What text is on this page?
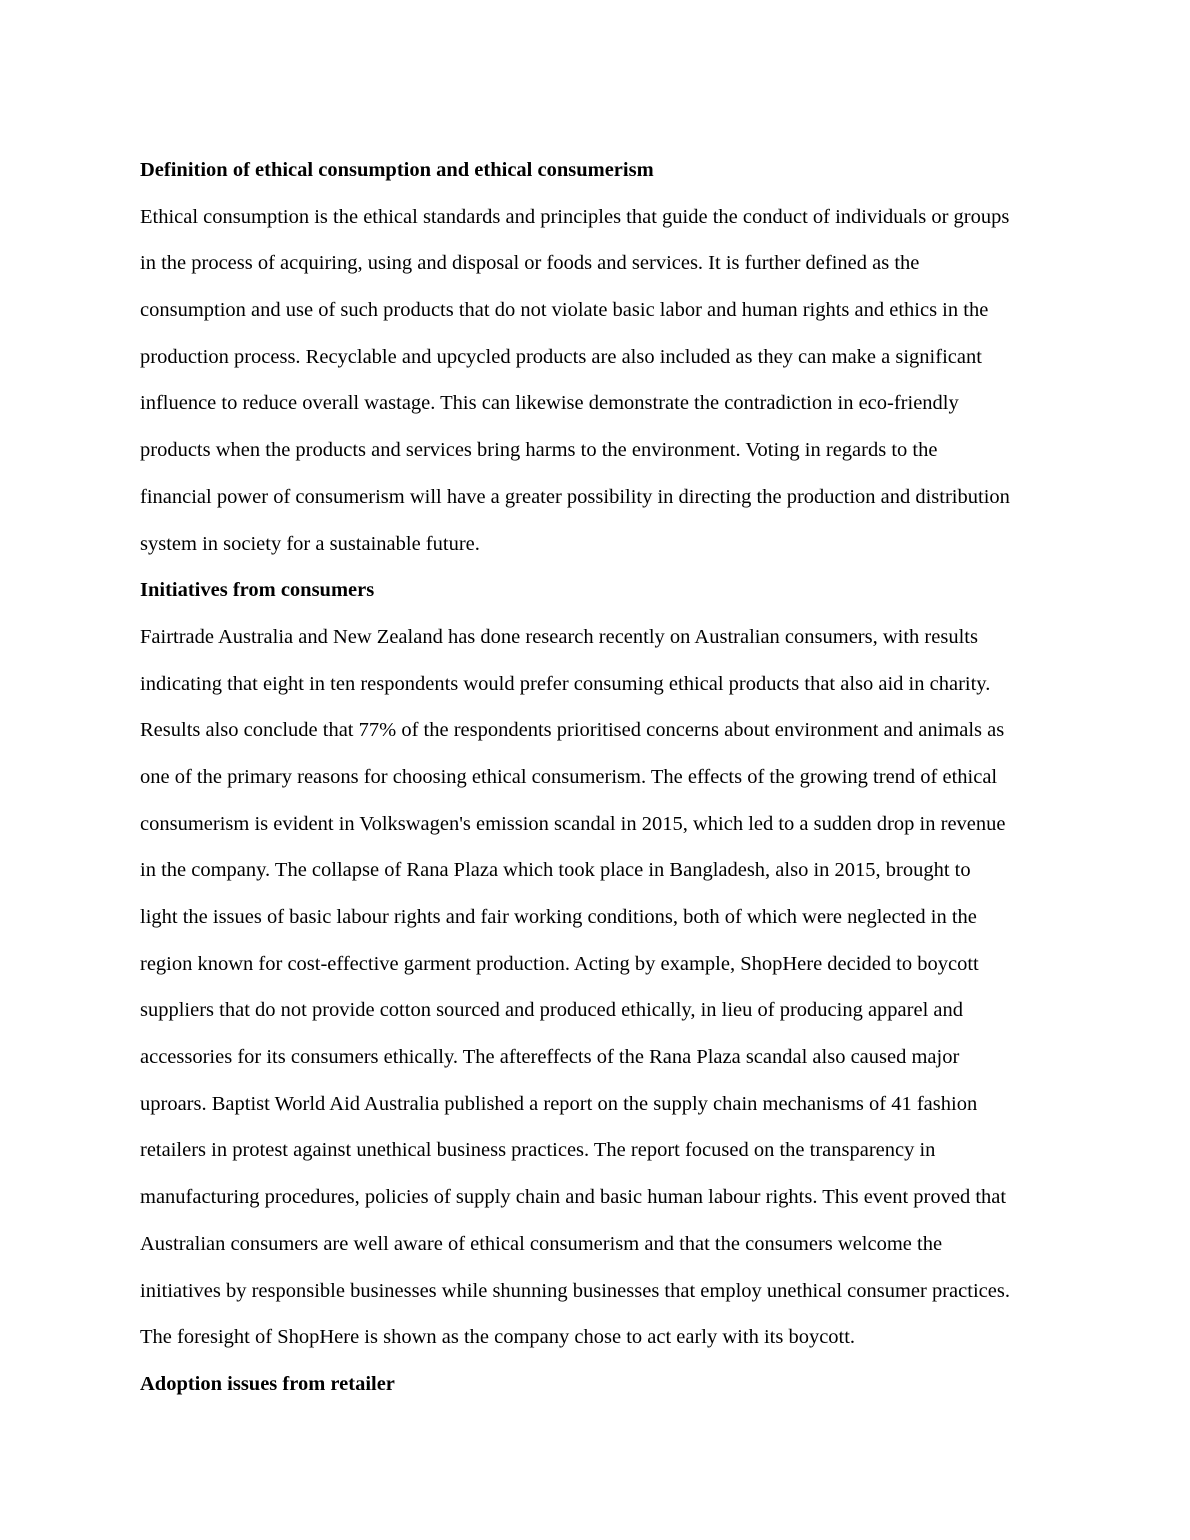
Definition of ethical consumption and ethical consumerism
Ethical consumption is the ethical standards and principles that guide the conduct of individuals or groups
in the process of acquiring, using and disposal or foods and services. It is further defined as the
consumption and use of such products that do not violate basic labor and human rights and ethics in the
production process. Recyclable and upcycled products are also included as they can make a significant
influence to reduce overall wastage. This can likewise demonstrate the contradiction in eco-friendly
products when the products and services bring harms to the environment. Voting in regards to the
financial power of consumerism will have a greater possibility in directing the production and distribution
system in society for a sustainable future.
Initiatives from consumers
Fairtrade Australia and New Zealand has done research recently on Australian consumers, with results
indicating that eight in ten respondents would prefer consuming ethical products that also aid in charity.
Results also conclude that 77% of the respondents prioritised concerns about environment and animals as
one of the primary reasons for choosing ethical consumerism. The effects of the growing trend of ethical
consumerism is evident in Volkswagen's emission scandal in 2015, which led to a sudden drop in revenue
in the company. The collapse of Rana Plaza which took place in Bangladesh, also in 2015, brought to
light the issues of basic labour rights and fair working conditions, both of which were neglected in the
region known for cost-effective garment production. Acting by example, ShopHere decided to boycott
suppliers that do not provide cotton sourced and produced ethically, in lieu of producing apparel and
accessories for its consumers ethically. The aftereffects of the Rana Plaza scandal also caused major
uproars. Baptist World Aid Australia published a report on the supply chain mechanisms of 41 fashion
retailers in protest against unethical business practices. The report focused on the transparency in
manufacturing procedures, policies of supply chain and basic human labour rights. This event proved that
Australian consumers are well aware of ethical consumerism and that the consumers welcome the
initiatives by responsible businesses while shunning businesses that employ unethical consumer practices.
The foresight of ShopHere is shown as the company chose to act early with its boycott.
Adoption issues from retailer
